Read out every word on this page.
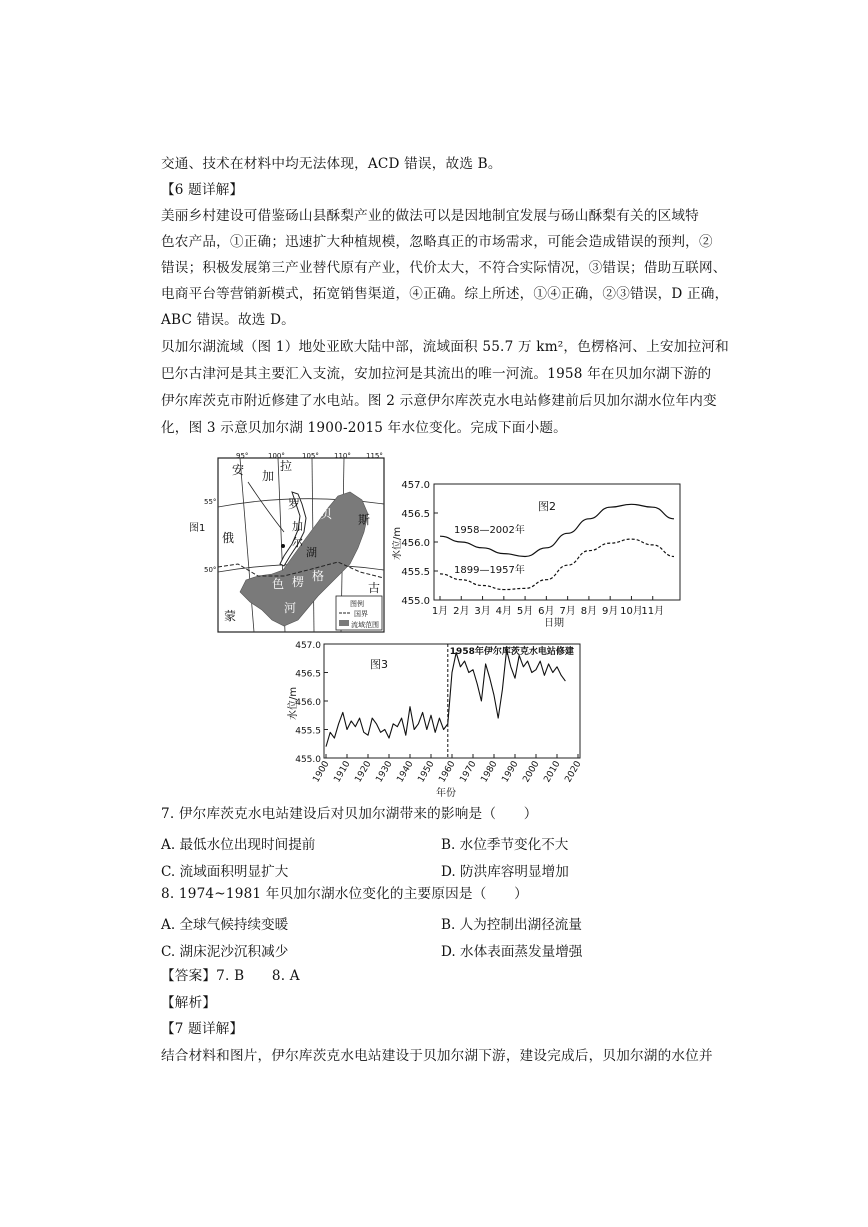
交通、技术在材料中均无法体现，ACD 错误，故选 B。
【6 题详解】
美丽乡村建设可借鉴砀山县酥梨产业的做法可以是因地制宜发展与砀山酥梨有关的区域特
色农产品，①正确；迅速扩大种植规模，忽略真正的市场需求，可能会造成错误的预判，②
错误；积极发展第三产业替代原有产业，代价太大，不符合实际情况，③错误；借助互联网、
电商平台等营销新模式，拓宽销售渠道，④正确。综上所述，①④正确，②③错误，D 正确，
ABC 错误。故选 D。
贝加尔湖流域（图 1）地处亚欧大陆中部，流域面积 55.7 万 km²，色楞格河、上安加拉河和
巴尔古津河是其主要汇入支流，安加拉河是其流出的唯一河流。1958 年在贝加尔湖下游的
伊尔库茨克市附近修建了水电站。图 2 示意伊尔库茨克水电站修建前后贝加尔湖水位年内变
化，图 3 示意贝加尔湖 1900-2015 年水位变化。完成下面小题。
图1
95°	100° 105° 110° 115°
55°
50°
安 加
拉
贝
加
尔
湖
俄
罗
斯
色 楞 格
河
蒙
古
图例
国界
流域范围
图2
水位/m
日期
1958—2002年
1899—1957年
455.0
455.5
456.0
456.5
457.0
1月 2月 3月 4月 5月 6月 7月 8月 9月 10月
11月
图3
水位/m
年份
455.0
455.5
456.0
456.5
457.0
1900 1910 1920 1930 1940 1950 1960 1970 1980 1990 2000 2010 2020
1958年伊尔库茨克水电站修建
7. 伊尔库茨克水电站建设后对贝加尔湖带来的影响是（　　）
A. 最低水位出现时间提前	B. 水位季节变化不大
C. 流域面积明显扩大	D. 防洪库容明显增加
8. 1974~1981 年贝加尔湖水位变化的主要原因是（　　）
A. 全球气候持续变暖	B. 人为控制出湖径流量
C. 湖床泥沙沉积减少	D. 水体表面蒸发量增强
【答案】7. B　　8. A
【解析】
【7 题详解】
结合材料和图片，伊尔库茨克水电站建设于贝加尔湖下游，建设完成后，贝加尔湖的水位并
